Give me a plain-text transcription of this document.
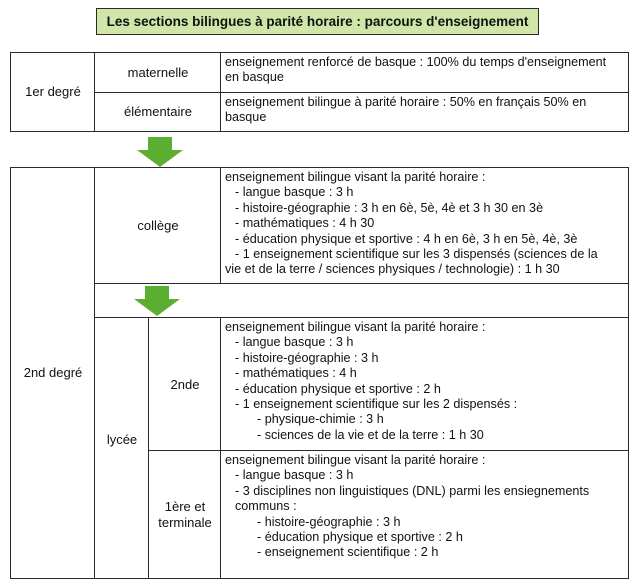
Les sections bilingues à parité horaire : parcours d'enseignement
1er degré
maternelle
enseignement renforcé de basque : 100% du temps d'enseignement
en basque
élémentaire
enseignement bilingue à parité horaire : 50% en français 50% en
basque
2nd degré
collège
enseignement bilingue visant la parité horaire :
- langue basque : 3 h
- histoire-géographie : 3 h en 6è, 5è, 4è et 3 h 30 en 3è
- mathématiques : 4 h 30
- éducation physique et sportive : 4 h en 6è, 3 h en 5è, 4è, 3è
- 1 enseignement scientifique sur les 3 dispensés (sciences de la
vie et de la terre / sciences physiques / technologie) : 1 h 30
lycée
2nde
enseignement bilingue visant la parité horaire :
- langue basque : 3 h
- histoire-géographie : 3 h
- mathématiques : 4 h
- éducation physique et sportive : 2 h
- 1 enseignement scientifique sur les 2 dispensés :
- physique-chimie : 3 h
- sciences de la vie et de la terre : 1 h 30
1ère et
terminale
enseignement bilingue visant la parité horaire :
- langue basque : 3 h
- 3 disciplines non linguistiques (DNL) parmi les ensiegnements
communs :
- histoire-géographie : 3 h
- éducation physique et sportive : 2 h
- enseignement scientifique : 2 h
